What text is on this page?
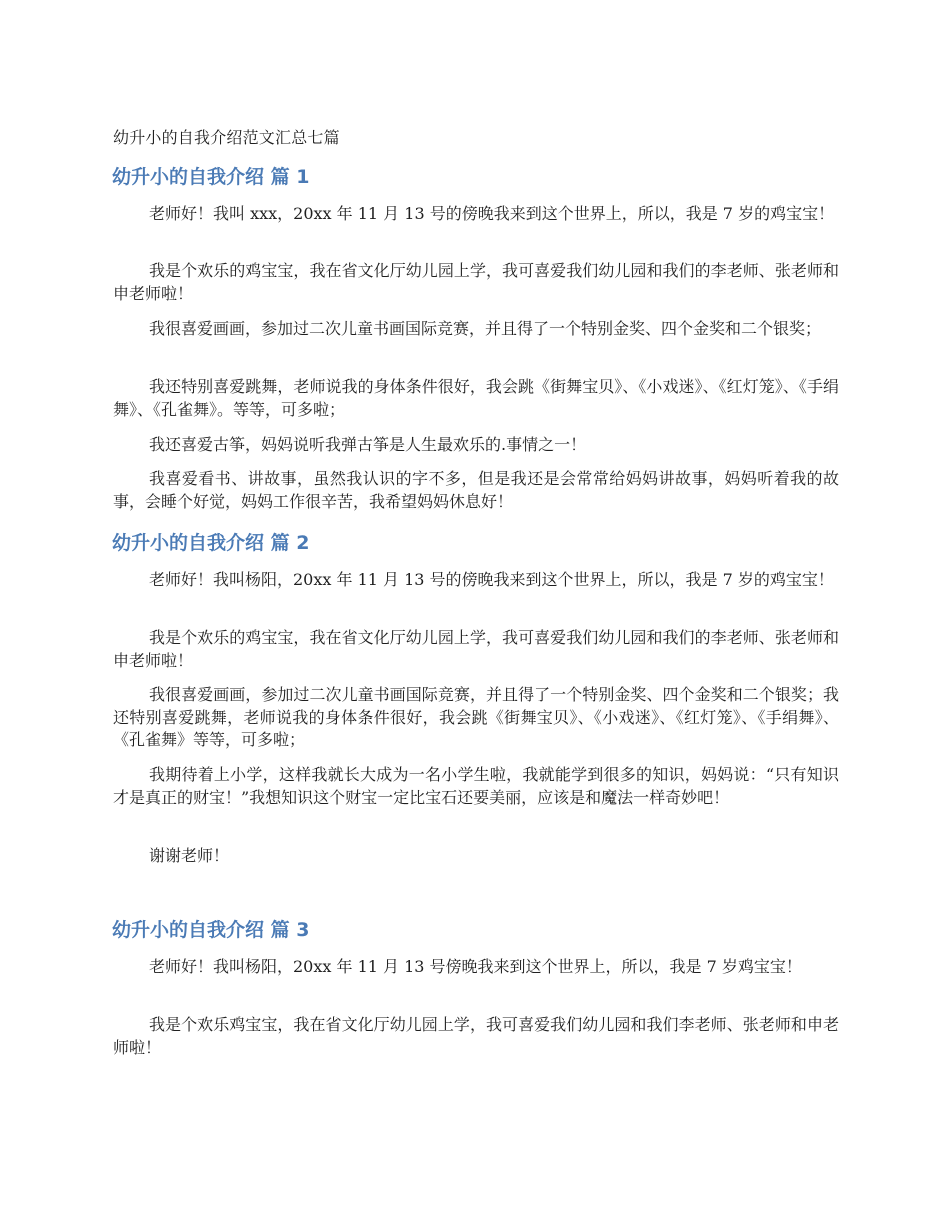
幼升小的自我介绍范文汇总七篇
幼升小的自我介绍 篇 1

老师好！我叫 xxx，20xx 年 11 月 13 号的傍晚我来到这个世界上，所以，我是 7 岁的鸡宝宝！

我是个欢乐的鸡宝宝，我在省文化厅幼儿园上学，我可喜爱我们幼儿园和我们的李老师、张老师和申老师啦！

我很喜爱画画，参加过二次儿童书画国际竞赛，并且得了一个特别金奖、四个金奖和二个银奖；

我还特别喜爱跳舞，老师说我的身体条件很好，我会跳《街舞宝贝》、《小戏迷》、《红灯笼》、《手绢舞》、《孔雀舞》。等等，可多啦；

我还喜爱古筝，妈妈说听我弹古筝是人生最欢乐的.事情之一！

我喜爱看书、讲故事，虽然我认识的字不多，但是我还是会常常给妈妈讲故事，妈妈听着我的故事，会睡个好觉，妈妈工作很辛苦，我希望妈妈休息好！

幼升小的自我介绍 篇 2

老师好！我叫杨阳，20xx 年 11 月 13 号的傍晚我来到这个世界上，所以，我是 7 岁的鸡宝宝！

我是个欢乐的鸡宝宝，我在省文化厅幼儿园上学，我可喜爱我们幼儿园和我们的李老师、张老师和申老师啦！

我很喜爱画画，参加过二次儿童书画国际竞赛，并且得了一个特别金奖、四个金奖和二个银奖；我还特别喜爱跳舞，老师说我的身体条件很好，我会跳《街舞宝贝》、《小戏迷》、《红灯笼》、《手绢舞》、《孔雀舞》等等，可多啦；

我期待着上小学，这样我就长大成为一名小学生啦，我就能学到很多的知识，妈妈说：“只有知识才是真正的财宝！”我想知识这个财宝一定比宝石还要美丽，应该是和魔法一样奇妙吧！

谢谢老师！

幼升小的自我介绍 篇 3

老师好！我叫杨阳，20xx 年 11 月 13 号傍晚我来到这个世界上，所以，我是 7 岁鸡宝宝！

我是个欢乐鸡宝宝，我在省文化厅幼儿园上学，我可喜爱我们幼儿园和我们李老师、张老师和申老师啦！
